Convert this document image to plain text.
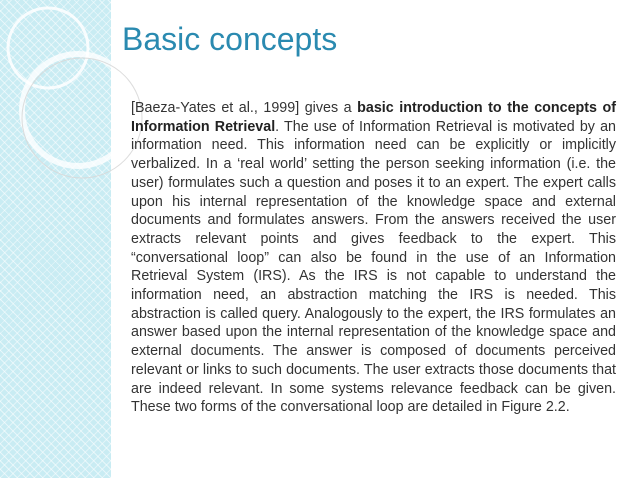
Basic concepts

[Baeza-Yates et al., 1999] gives a basic introduction to the concepts of Information Retrieval. The use of Information Retrieval is motivated by an information need. This information need can be explicitly or implicitly verbalized. In a ‘real world’ setting the person seeking information (i.e. the user) formulates such a question and poses it to an expert. The expert calls upon his internal representation of the knowledge space and external documents and formulates answers. From the answers received the user extracts relevant points and gives feedback to the expert. This “conversational loop” can also be found in the use of an Information Retrieval System (IRS). As the IRS is not capable to understand the information need, an abstraction matching the IRS is needed. This abstraction is called query. Analogously to the expert, the IRS formulates an answer based upon the internal representation of the knowledge space and external documents. The answer is composed of documents perceived relevant or links to such documents. The user extracts those documents that are indeed relevant. In some systems relevance feedback can be given. These two forms of the conversational loop are detailed in Figure 2.2.
